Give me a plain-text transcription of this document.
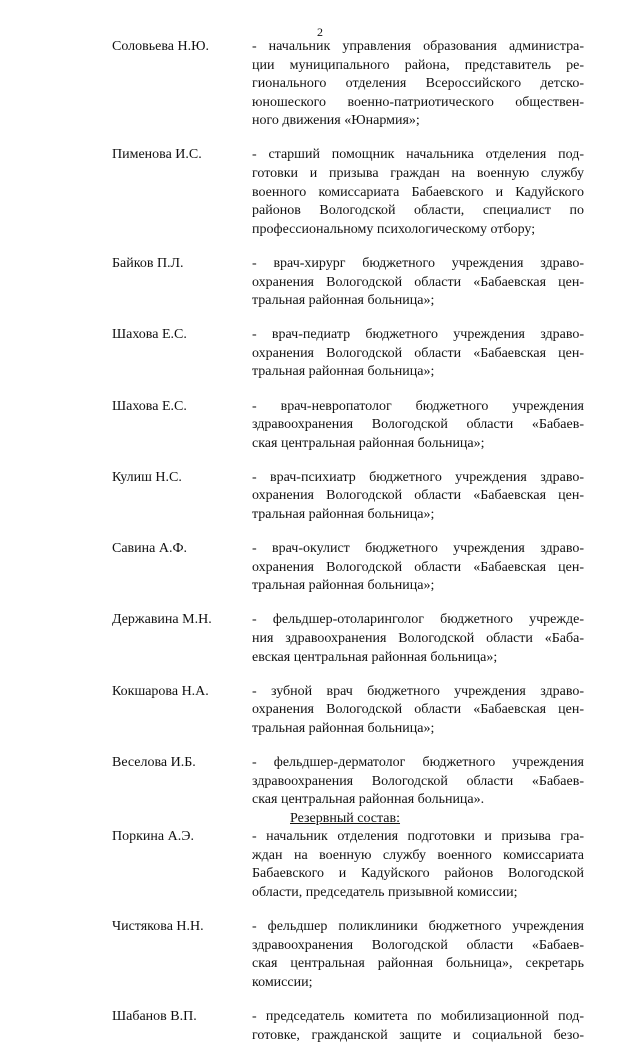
2
Соловьева Н.Ю.	- начальник управления образования администра-
ции муниципального района, представитель ре-
гионального отделения Всероссийского детско-
юношеского военно-патриотического обществен-
ного движения «Юнармия»;
Пименова И.С.	- старший помощник начальника отделения под-
готовки и призыва граждан на военную службу
военного комиссариата Бабаевского и Кадуйского
районов Вологодской области, специалист по
профессиональному психологическому отбору;
Байков П.Л.	- врач-хирург бюджетного учреждения здраво-
охранения Вологодской области «Бабаевская цен-
тральная районная больница»;
Шахова Е.С.	- врач-педиатр бюджетного учреждения здраво-
охранения Вологодской области «Бабаевская цен-
тральная районная больница»;
Шахова Е.С.	- врач-невропатолог бюджетного учреждения
здравоохранения Вологодской области «Бабаев-
ская центральная районная больница»;
Кулиш Н.С.	- врач-психиатр бюджетного учреждения здраво-
охранения Вологодской области «Бабаевская цен-
тральная районная больница»;
Савина А.Ф.	- врач-окулист бюджетного учреждения здраво-
охранения Вологодской области «Бабаевская цен-
тральная районная больница»;
Державина М.Н.	- фельдшер-отоларинголог бюджетного учрежде-
ния здравоохранения Вологодской области «Баба-
евская центральная районная больница»;
Кокшарова Н.А.	- зубной врач бюджетного учреждения здраво-
охранения Вологодской области «Бабаевская цен-
тральная районная больница»;
Веселова И.Б.	- фельдшер-дерматолог бюджетного учреждения
здравоохранения Вологодской области «Бабаев-
ская центральная районная больница».
Резервный состав:
Поркина А.Э.	- начальник отделения подготовки и призыва гра-
ждан на военную службу военного комиссариата
Бабаевского и Кадуйского районов Вологодской
области, председатель призывной комиссии;
Чистякова Н.Н.	- фельдшер поликлиники бюджетного учреждения
здравоохранения Вологодской области «Бабаев-
ская центральная районная больница», секретарь
комиссии;
Шабанов В.П.	- председатель комитета по мобилизационной под-
готовке, гражданской защите и социальной безо-
